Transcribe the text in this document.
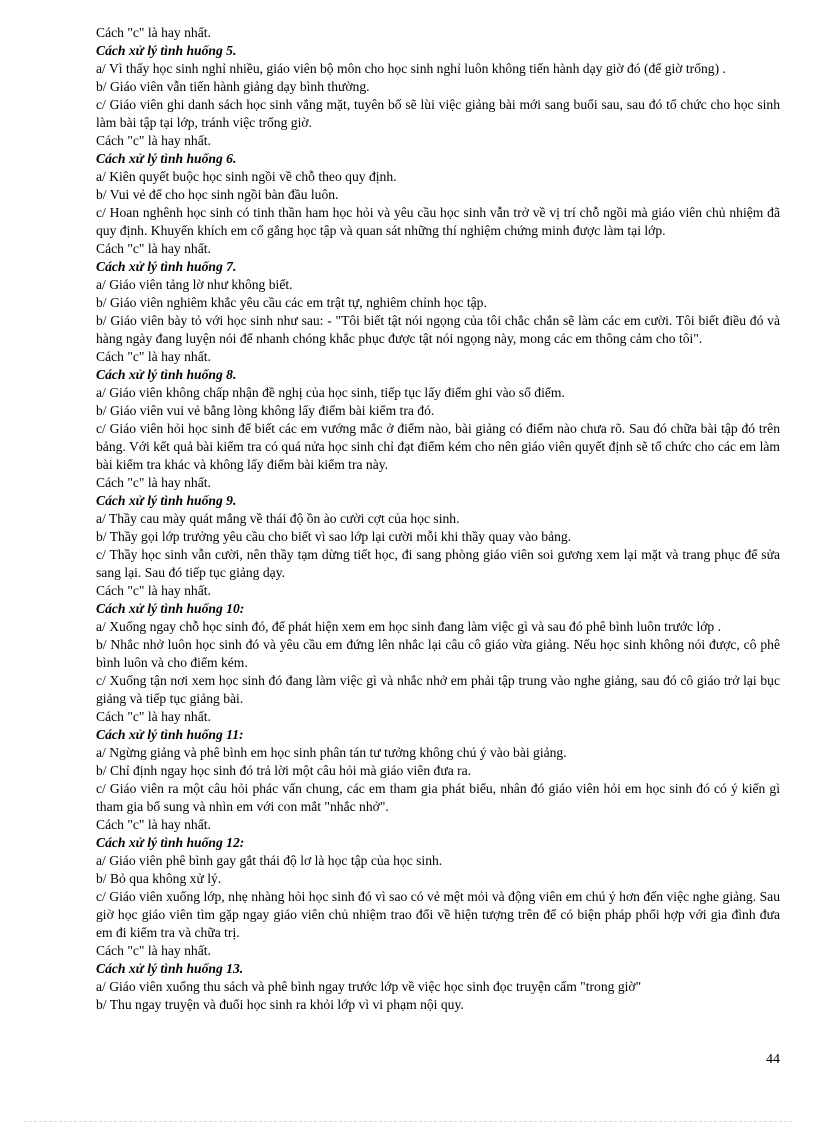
Cách "c" là hay nhất.

Cách xử lý tình huống 5.

a/ Vì thấy học sinh nghỉ nhiều, giáo viên bộ môn cho học sinh nghỉ luôn không tiến hành dạy giờ đó (để giờ trống) .

b/ Giáo viên vẫn tiến hành giảng dạy bình thường.

c/ Giáo viên ghi danh sách học sinh vắng mặt, tuyên bố sẽ lùi việc giảng bài mới sang buổi sau, sau đó tổ chức cho học sinh làm bài tập tại lớp, tránh việc trống giờ.

Cách "c" là hay nhất.

Cách xử lý tình huống 6.

a/ Kiên quyết buộc học sinh ngồi về chỗ theo quy định.

b/ Vui vẻ để cho học sinh ngồi bàn đầu luôn.

c/ Hoan nghênh học sinh có tinh thần ham học hỏi và yêu cầu học sinh vẫn trở về vị trí chỗ ngồi mà giáo viên chủ nhiệm đã quy định. Khuyến khích em cố gắng học tập và quan sát những thí nghiệm chứng minh được làm tại lớp.

Cách "c" là hay nhất.

Cách xử lý tình huống 7.

a/ Giáo viên tảng lờ như không biết.

b/ Giáo viên nghiêm khắc yêu cầu các em trật tự, nghiêm chỉnh học tập.

b/ Giáo viên bày tỏ với học sinh như sau: - "Tôi biết tật nói ngọng của tôi chắc chắn sẽ làm các em cười. Tôi biết điều đó và hàng ngày đang luyện nói để nhanh chóng khắc phục được tật nói ngọng này, mong các em thông cảm cho tôi".

Cách "c" là hay nhất.

Cách xử lý tình huống 8.

a/ Giáo viên không chấp nhận đề nghị của học sinh, tiếp tục lấy điểm ghi vào sổ điểm.

b/ Giáo viên vui vẻ bằng lòng không lấy điểm bài kiểm tra đó.

c/ Giáo viên hỏi học sinh để biết các em vướng mắc ở điểm nào, bài giảng có điểm nào chưa rõ. Sau đó chữa bài tập đó trên bảng. Với kết quả bài kiểm tra có quá nửa học sinh chỉ đạt điểm kém cho nên giáo viên quyết định sẽ tổ chức cho các em làm bài kiểm tra khác và không lấy điểm bài kiểm tra này.

Cách "c" là hay nhất.

Cách xử lý tình huống 9.

a/ Thầy cau mày quát mắng về thái độ ồn ào cười cợt của học sinh.

b/ Thầy gọi lớp trưởng yêu cầu cho biết vì sao lớp lại cười mỗi khi thầy quay vào bảng.

c/ Thầy học sinh vẫn cười, nên thầy tạm dừng tiết học, đi sang phòng giáo viên soi gương xem lại mặt và trang phục để sửa sang lại. Sau đó tiếp tục giảng dạy.

Cách "c" là hay nhất.

Cách xử lý tình huống 10:

a/ Xuống ngay chỗ học sinh đó, để phát hiện xem em học sinh đang làm việc gì và sau đó phê bình luôn trước lớp .

b/ Nhắc nhở luôn học sinh đó và yêu cầu em đứng lên nhắc lại câu cô giáo vừa giảng. Nếu học sinh không nói được, cô phê bình luôn và cho điểm kém.

c/ Xuống tận nơi xem học sinh đó đang làm việc gì và nhắc nhở em phải tập trung vào nghe giảng, sau đó cô giáo trở lại bục giảng và tiếp tục giảng bài.

Cách "c" là hay nhất.

Cách xử lý tình huống 11:

a/ Ngừng giảng và phê bình em học sinh phân tán tư tưởng không chú ý vào bài giảng.

b/ Chỉ định ngay học sinh đó trả lời một câu hỏi mà giáo viên đưa ra.

c/ Giáo viên ra một câu hỏi phác vấn chung, các em tham gia phát biểu, nhân đó giáo viên hỏi em học sinh đó có ý kiến gì tham gia bổ sung và nhìn em với con mắt "nhắc nhở".

Cách "c" là hay nhất.

Cách xử lý tình huống 12:

a/ Giáo viên phê bình gay gắt thái độ lơ là học tập của học sinh.

b/ Bỏ qua không xử lý.

c/ Giáo viên xuống lớp, nhẹ nhàng hỏi học sinh đó vì sao có vẻ mệt mỏi và động viên em chú ý hơn đến việc nghe giảng. Sau giờ học giáo viên tìm gặp ngay giáo viên chủ nhiệm trao đổi về hiện tượng trên để có biện pháp phối hợp với gia đình đưa em đi kiểm tra và chữa trị.

Cách "c" là hay nhất.

Cách xử lý tình huống 13.

a/ Giáo viên xuống thu sách và phê bình ngay trước lớp về việc học sinh đọc truyện cấm "trong giờ"

b/ Thu ngay truyện và đuổi học sinh ra khỏi lớp vì vi phạm nội quy.

44
